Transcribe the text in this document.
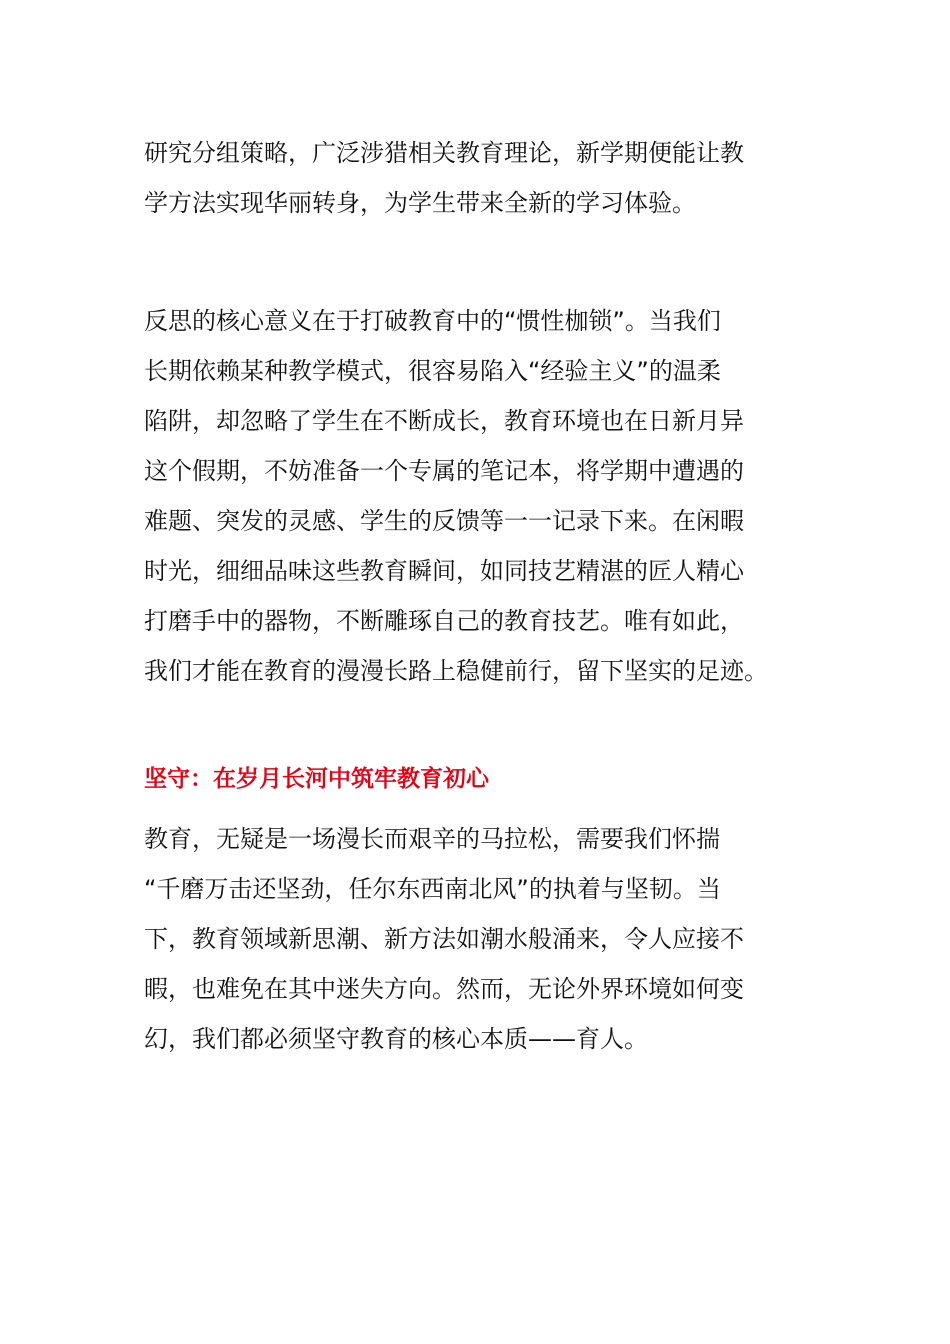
研究分组策略，广泛涉猎相关教育理论，新学期便能让教
学方法实现华丽转身，为学生带来全新的学习体验。
反思的核心意义在于打破教育中的“惯性枷锁”。当我们
长期依赖某种教学模式，很容易陷入“经验主义”的温柔
陷阱，却忽略了学生在不断成长，教育环境也在日新月异
这个假期，不妨准备一个专属的笔记本，将学期中遭遇的
难题、突发的灵感、学生的反馈等一一记录下来。在闲暇
时光，细细品味这些教育瞬间，如同技艺精湛的匠人精心
打磨手中的器物，不断雕琢自己的教育技艺。唯有如此，
我们才能在教育的漫漫长路上稳健前行，留下坚实的足迹。
坚守：在岁月长河中筑牢教育初心
教育，无疑是一场漫长而艰辛的马拉松，需要我们怀揣
“千磨万击还坚劲，任尔东西南北风”的执着与坚韧。当
下，教育领域新思潮、新方法如潮水般涌来，令人应接不
暇，也难免在其中迷失方向。然而，无论外界环境如何变
幻，我们都必须坚守教育的核心本质——育人。
